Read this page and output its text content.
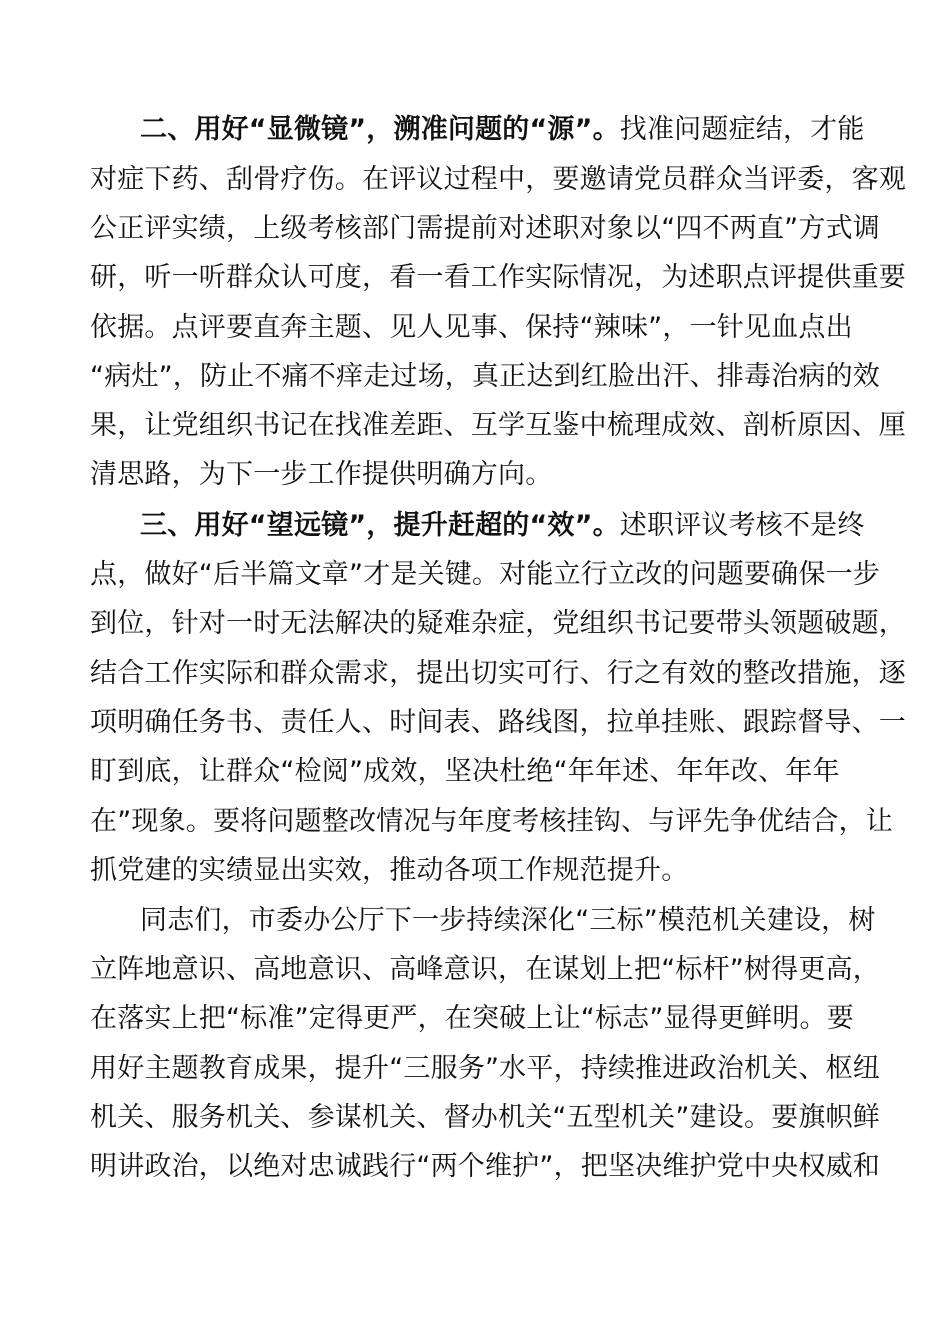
二、用好“显微镜”，溯准问题的“源”。找准问题症结，才能
对症下药、刮骨疗伤。在评议过程中，要邀请党员群众当评委，客观
公正评实绩，上级考核部门需提前对述职对象以“四不两直”方式调
研，听一听群众认可度，看一看工作实际情况，为述职点评提供重要
依据。点评要直奔主题、见人见事、保持“辣味”，一针见血点出
“病灶”，防止不痛不痒走过场，真正达到红脸出汗、排毒治病的效
果，让党组织书记在找准差距、互学互鉴中梳理成效、剖析原因、厘
清思路，为下一步工作提供明确方向。
三、用好“望远镜”，提升赶超的“效”。述职评议考核不是终
点，做好“后半篇文章”才是关键。对能立行立改的问题要确保一步
到位，针对一时无法解决的疑难杂症，党组织书记要带头领题破题，
结合工作实际和群众需求，提出切实可行、行之有效的整改措施，逐
项明确任务书、责任人、时间表、路线图，拉单挂账、跟踪督导、一
盯到底，让群众“检阅”成效，坚决杜绝“年年述、年年改、年年
在”现象。要将问题整改情况与年度考核挂钩、与评先争优结合，让
抓党建的实绩显出实效，推动各项工作规范提升。
同志们，市委办公厅下一步持续深化“三标”模范机关建设，树
立阵地意识、高地意识、高峰意识，在谋划上把“标杆”树得更高，
在落实上把“标准”定得更严，在突破上让“标志”显得更鲜明。要
用好主题教育成果，提升“三服务”水平，持续推进政治机关、枢纽
机关、服务机关、参谋机关、督办机关“五型机关”建设。要旗帜鲜
明讲政治，以绝对忠诚践行“两个维护”，把坚决维护党中央权威和
